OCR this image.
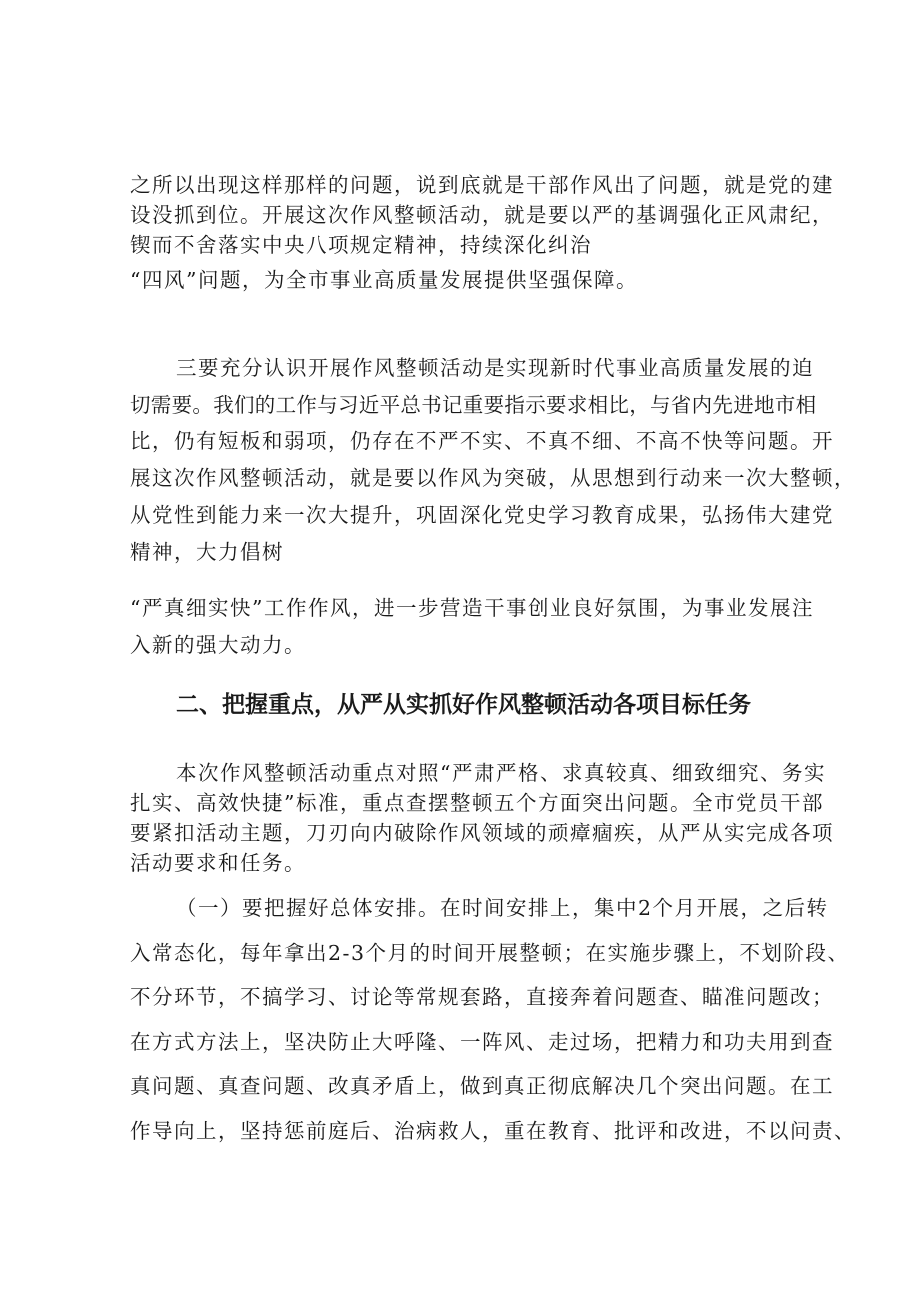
之所以出现这样那样的问题，说到底就是干部作风出了问题，就是党的建
设没抓到位。开展这次作风整顿活动，就是要以严的基调强化正风肃纪，
锲而不舍落实中央八项规定精神，持续深化纠治
“四风”问题，为全市事业高质量发展提供坚强保障。
三要充分认识开展作风整顿活动是实现新时代事业高质量发展的迫
切需要。我们的工作与习近平总书记重要指示要求相比，与省内先进地市相
比，仍有短板和弱项，仍存在不严不实、不真不细、不高不快等问题。开
展这次作风整顿活动，就是要以作风为突破，从思想到行动来一次大整顿，
从党性到能力来一次大提升，巩固深化党史学习教育成果，弘扬伟大建党
精神，大力倡树
“严真细实快”工作作风，进一步营造干事创业良好氛围，为事业发展注
入新的强大动力。
二、把握重点，从严从实抓好作风整顿活动各项目标任务
本次作风整顿活动重点对照“严肃严格、求真较真、细致细究、务实
扎实、高效快捷”标准，重点查摆整顿五个方面突出问题。全市党员干部
要紧扣活动主题，刀刃向内破除作风领域的顽瘴痼疾，从严从实完成各项
活动要求和任务。
（一）要把握好总体安排。在时间安排上，集中2个月开展，之后转
入常态化，每年拿出2-3个月的时间开展整顿；在实施步骤上，不划阶段、
不分环节，不搞学习、讨论等常规套路，直接奔着问题查、瞄准问题改；
在方式方法上，坚决防止大呼隆、一阵风、走过场，把精力和功夫用到查
真问题、真查问题、改真矛盾上，做到真正彻底解决几个突出问题。在工
作导向上，坚持惩前庭后、治病救人，重在教育、批评和改进，不以问责、
